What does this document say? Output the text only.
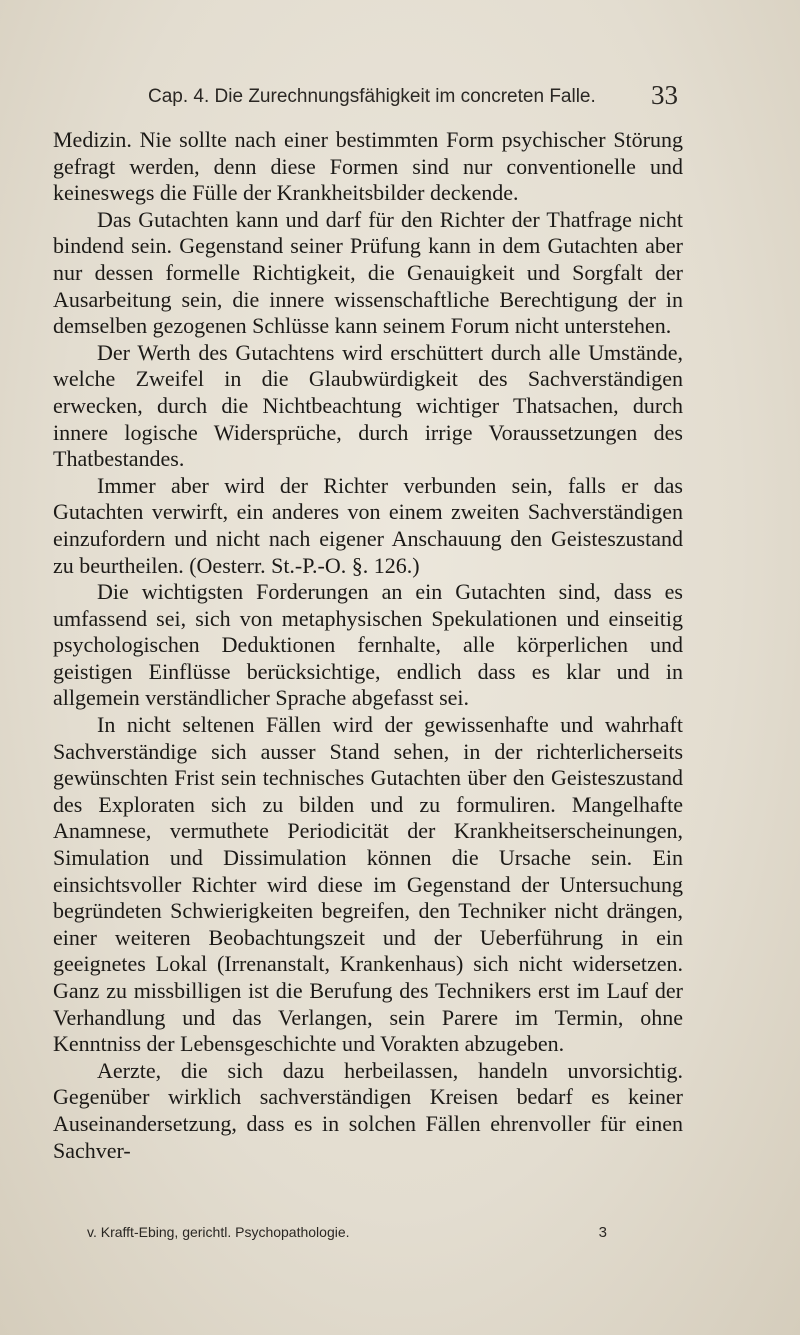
Cap. 4. Die Zurechnungsfähigkeit im concreten Falle. 33

Medizin. Nie sollte nach einer bestimmten Form psychischer Störung gefragt werden, denn diese Formen sind nur conventionelle und keineswegs die Fülle der Krankheitsbilder deckende.

Das Gutachten kann und darf für den Richter der Thatfrage nicht bindend sein. Gegenstand seiner Prüfung kann in dem Gutachten aber nur dessen formelle Richtigkeit, die Genauigkeit und Sorgfalt der Ausarbeitung sein, die innere wissenschaftliche Berechtigung der in demselben gezogenen Schlüsse kann seinem Forum nicht unterstehen.

Der Werth des Gutachtens wird erschüttert durch alle Umstände, welche Zweifel in die Glaubwürdigkeit des Sachverständigen erwecken, durch die Nichtbeachtung wichtiger Thatsachen, durch innere logische Widersprüche, durch irrige Voraussetzungen des Thatbestandes.

Immer aber wird der Richter verbunden sein, falls er das Gutachten verwirft, ein anderes von einem zweiten Sachverständigen einzufordern und nicht nach eigener Anschauung den Geisteszustand zu beurtheilen. (Oesterr. St.-P.-O. §. 126.)

Die wichtigsten Forderungen an ein Gutachten sind, dass es umfassend sei, sich von metaphysischen Spekulationen und einseitig psychologischen Deduktionen fernhalte, alle körperlichen und geistigen Einflüsse berücksichtige, endlich dass es klar und in allgemein verständlicher Sprache abgefasst sei.

In nicht seltenen Fällen wird der gewissenhafte und wahrhaft Sachverständige sich ausser Stand sehen, in der richterlicherseits gewünschten Frist sein technisches Gutachten über den Geisteszustand des Exploraten sich zu bilden und zu formuliren. Mangelhafte Anamnese, vermuthete Periodicität der Krankheitserscheinungen, Simulation und Dissimulation können die Ursache sein. Ein einsichtsvoller Richter wird diese im Gegenstand der Untersuchung begründeten Schwierigkeiten begreifen, den Techniker nicht drängen, einer weiteren Beobachtungszeit und der Ueberführung in ein geeignetes Lokal (Irrenanstalt, Krankenhaus) sich nicht widersetzen. Ganz zu missbilligen ist die Berufung des Technikers erst im Lauf der Verhandlung und das Verlangen, sein Parere im Termin, ohne Kenntniss der Lebensgeschichte und Vorakten abzugeben.

Aerzte, die sich dazu herbeilassen, handeln unvorsichtig. Gegenüber wirklich sachverständigen Kreisen bedarf es keiner Auseinandersetzung, dass es in solchen Fällen ehrenvoller für einen Sachver-

v. Krafft-Ebing, gerichtl. Psychopathologie.	3
